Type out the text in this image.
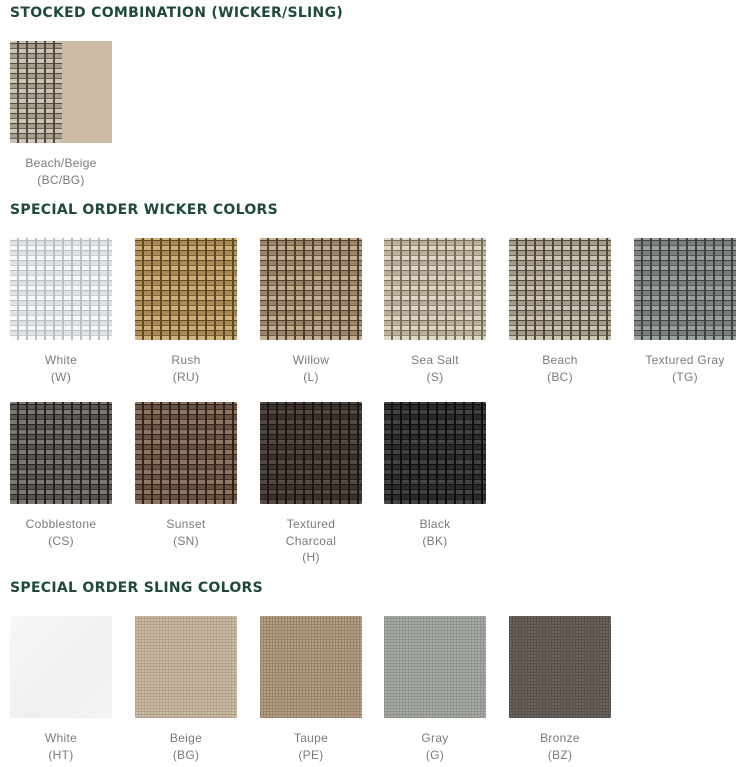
STOCKED COMBINATION (WICKER/SLING)
Beach/Beige
(BC/BG)
SPECIAL ORDER WICKER COLORS
White
(W)
Rush
(RU)
Willow
(L)
Sea Salt
(S)
Beach
(BC)
Textured Gray
(TG)
Cobblestone
(CS)
Sunset
(SN)
Textured Charcoal
(H)
Black
(BK)
SPECIAL ORDER SLING COLORS
White
(HT)
Beige
(BG)
Taupe
(PE)
Gray
(G)
Bronze
(BZ)
